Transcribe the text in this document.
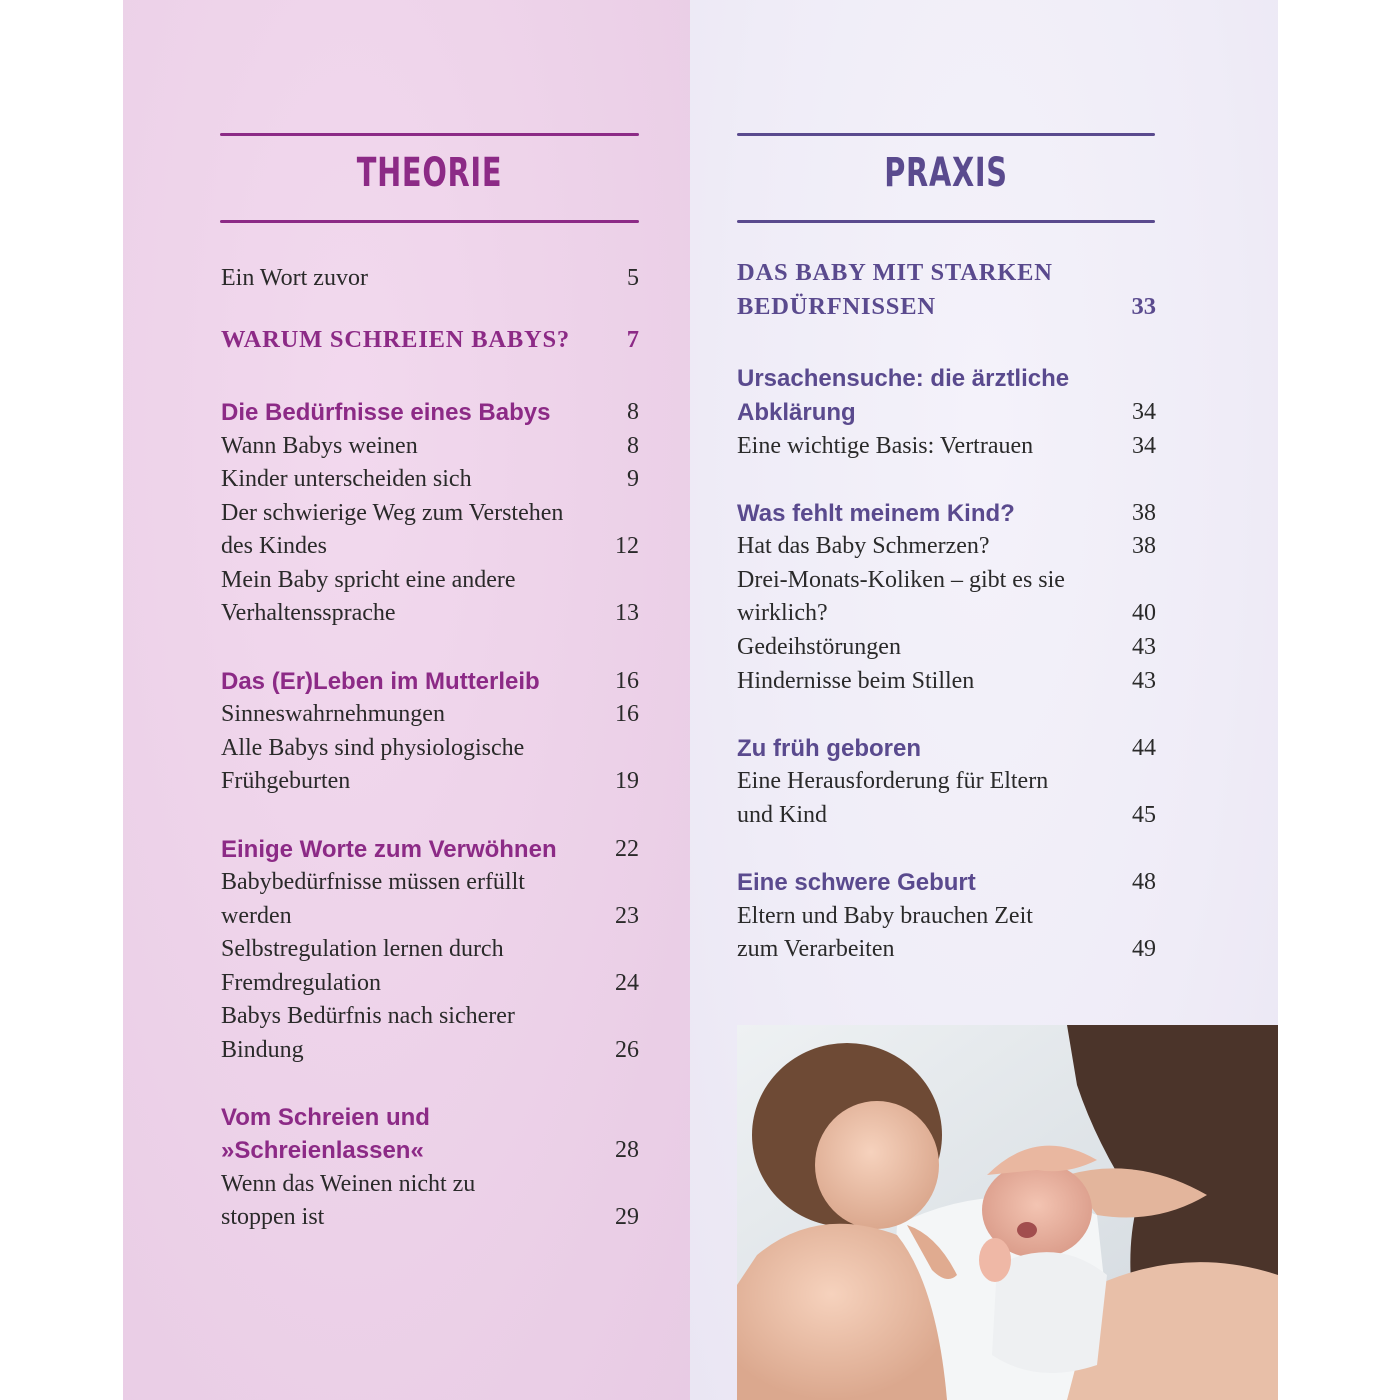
THEORIE	PRAXIS
Ein Wort zuvor	5
WARUM SCHREIEN BABYS? 7
Die Bedürfnisse eines Babys	8
Wann Babys weinen	8
Kinder unterscheiden sich	9
Der schwierige Weg zum Verstehen
des Kindes	12
Mein Baby spricht eine andere
Verhaltenssprache	13
Das (Er)Leben im Mutterleib	16
Sinneswahrnehmungen	16
Alle Babys sind physiologische
Frühgeburten	19
Einige Worte zum Verwöhnen 22
Babybedürfnisse müssen erfüllt
werden	23
Selbstregulation lernen durch
Fremdregulation	24
Babys Bedürfnis nach sicherer
Bindung	26
Vom Schreien und
»Schreienlassen«	28
Wenn das Weinen nicht zu
stoppen ist	29
DAS BABY MIT STARKEN
BEDÜRFNISSEN	33
Ursachensuche: die ärztliche
Abklärung	34
Eine wichtige Basis: Vertrauen	34
Was fehlt meinem Kind?	38
Hat das Baby Schmerzen?	38
Drei-Monats-Koliken – gibt es sie
wirklich?	40
Gedeihstörungen	43
Hindernisse beim Stillen	43
Zu früh geboren	44
Eine Herausforderung für Eltern
und Kind	45
Eine schwere Geburt	48
Eltern und Baby brauchen Zeit
zum Verarbeiten	49
